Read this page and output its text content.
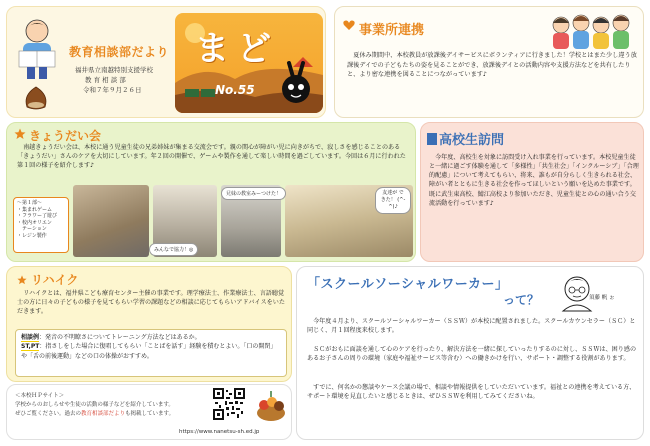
教育相談部だより
福井県立南越特別支援学校
教 育 相 談 部
令和７年９月２６日
まど
No.55
事業所連携

夏休み期間中、本校教員が放課後デイサービスにボランティアに行きました！学校とはまた少し違う放課後デイでの子どもたちの姿を見ることができ、放課後デイとの活動内容や支援方法などを共有したりと、より密な連携を図ることにつながっています♪

きょうだい会

南越きょうだい会は、本校に通う児童生徒の兄弟姉妹が集まる交流会です。親の関心が障がい児に向きがちで、寂しさを感じることのある「きょうだい」さんのケアを大切にしています。年２回の開催で、ゲームや製作を通して楽しい時間を過ごしています。今回は６月に行われた第１回の様子を紹介します♪

～第１部～
・集まれゲーム
・フラワー了遊び
・校内オリエン
　テーション
・レジン製作
みんなで協力！◎
兄妹の教室みーつけた！	友達が できた！ (^-^)♪
高校生訪問

今年度、高校生を対象に訪問受け入れ事業を行っています。本校児童生徒と一緒に過ごす体験を通して「多様性」「共生社会」「インクルーシブ」「合理的配慮」について考えてもらい、将来、誰もが自分らしく生きられる社会、障がい者とともに生きる社会を作ってほしいという願いを込めた事業です。既に武生東高校、鯖江高校より参加いただき、児童生徒との心の通い合う交流活動を行っています♪

リハイク

リハイクとは、福井県こども療育センター主催の事業です。理学療法士、作業療法士、言語聴覚士の方に日々の子どもの様子を見てもらい学習の課題などの相談に応じてもらいアドバイスをいただきます。

相談例：発音の不明瞭さについてトレーニング方法などはあるか。
ST,PT：指さしをした場合に復唱してもらい「ことばを話す」経験を積むとよい。「口の開閉」や「舌の前後運動」などの口の体操がおすすめ。
＜本校ＨＰサイト＞
学校からのおしらせや生徒の活動の様子などを紹介しています。
ぜひご覧ください。過去の教育相談部だよりも掲載しています。
https://www.nanetsu-sh.ed.jp
「スクールソーシャルワーカー」
って？	須藤 帆 ぉ

今年度４月より、スクールソーシャルワーカー（ＳＳＷ）が本校に配置されました。スクールカウンセラー（ＳＣ）と同じく、月１回程度来校します。

ＳＣがおもに面談を通して心のケアを行ったり、解決方法を一緒に探していったりするのに対し、ＳＳＷは、困り感のあるお子さんの周りの環境（家庭や福祉サービス等含む）への働きかけを行い、サポート・調整する役割があります。

すでに、何名かの懇談やケース会議の場で、相談や情報提供をしていただいています。福祉との連携を考えている方、サポート環境を見直したいと感じるときは、ぜひＳＳＷを利用してみてくださいね。
